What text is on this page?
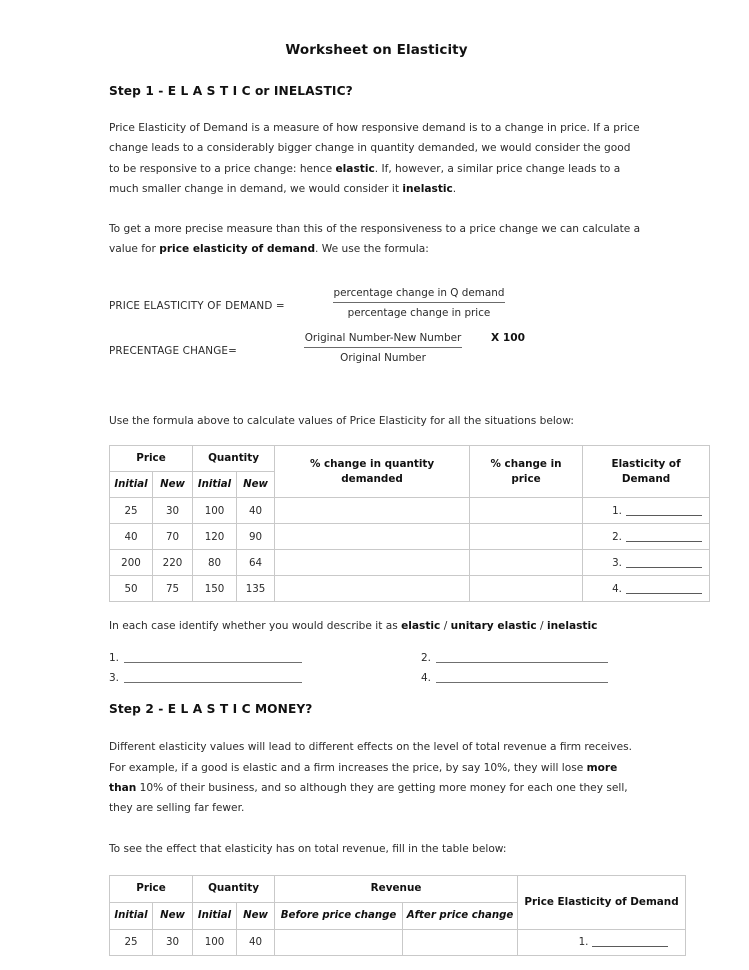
Worksheet on Elasticity
Step 1 - E L A S T I C or INELASTIC?

Price Elasticity of Demand is a measure of how responsive demand is to a change in price. If a price change leads to a considerably bigger change in quantity demanded, we would consider the good to be responsive to a price change: hence elastic. If, however, a similar price change leads to a much smaller change in demand, we would consider it inelastic.

To get a more precise measure than this of the responsiveness to a price change we can calculate a value for price elasticity of demand. We use the formula:

PRICE ELASTICITY OF DEMAND =	$\frac{\text{percentage change in Q demand}}{\text{percentage change in price}}$
PRECENTAGE CHANGE=	$\frac{\text{Original Number-New Number}}{\text{Original Number}}$	X 100

Use the formula above to calculate values of Price Elasticity for all the situations below:

Price		Quantity		% change in quantity demanded	% change in price	Elasticity of Demand
Initial	New	Initial	New			
25	30	100	40			1.
40	70	120	90			2.
200	220	80	64			3.
50	75	150	135			4.

In each case identify whether you would describe it as elastic / unitary elastic / inelastic

1.	2.
3.	4.
Step 2 - E L A S T I C MONEY?

Different elasticity values will lead to different effects on the level of total revenue a firm receives. For example, if a good is elastic and a firm increases the price, by say 10%, they will lose more than 10% of their business, and so although they are getting more money for each one they sell, they are selling far fewer.

To see the effect that elasticity has on total revenue, fill in the table below:

Price		Quantity		Revenue		Price Elasticity of Demand
Initial	New	Initial	New	Before price change	After price change	
25	30	100	40			1.
